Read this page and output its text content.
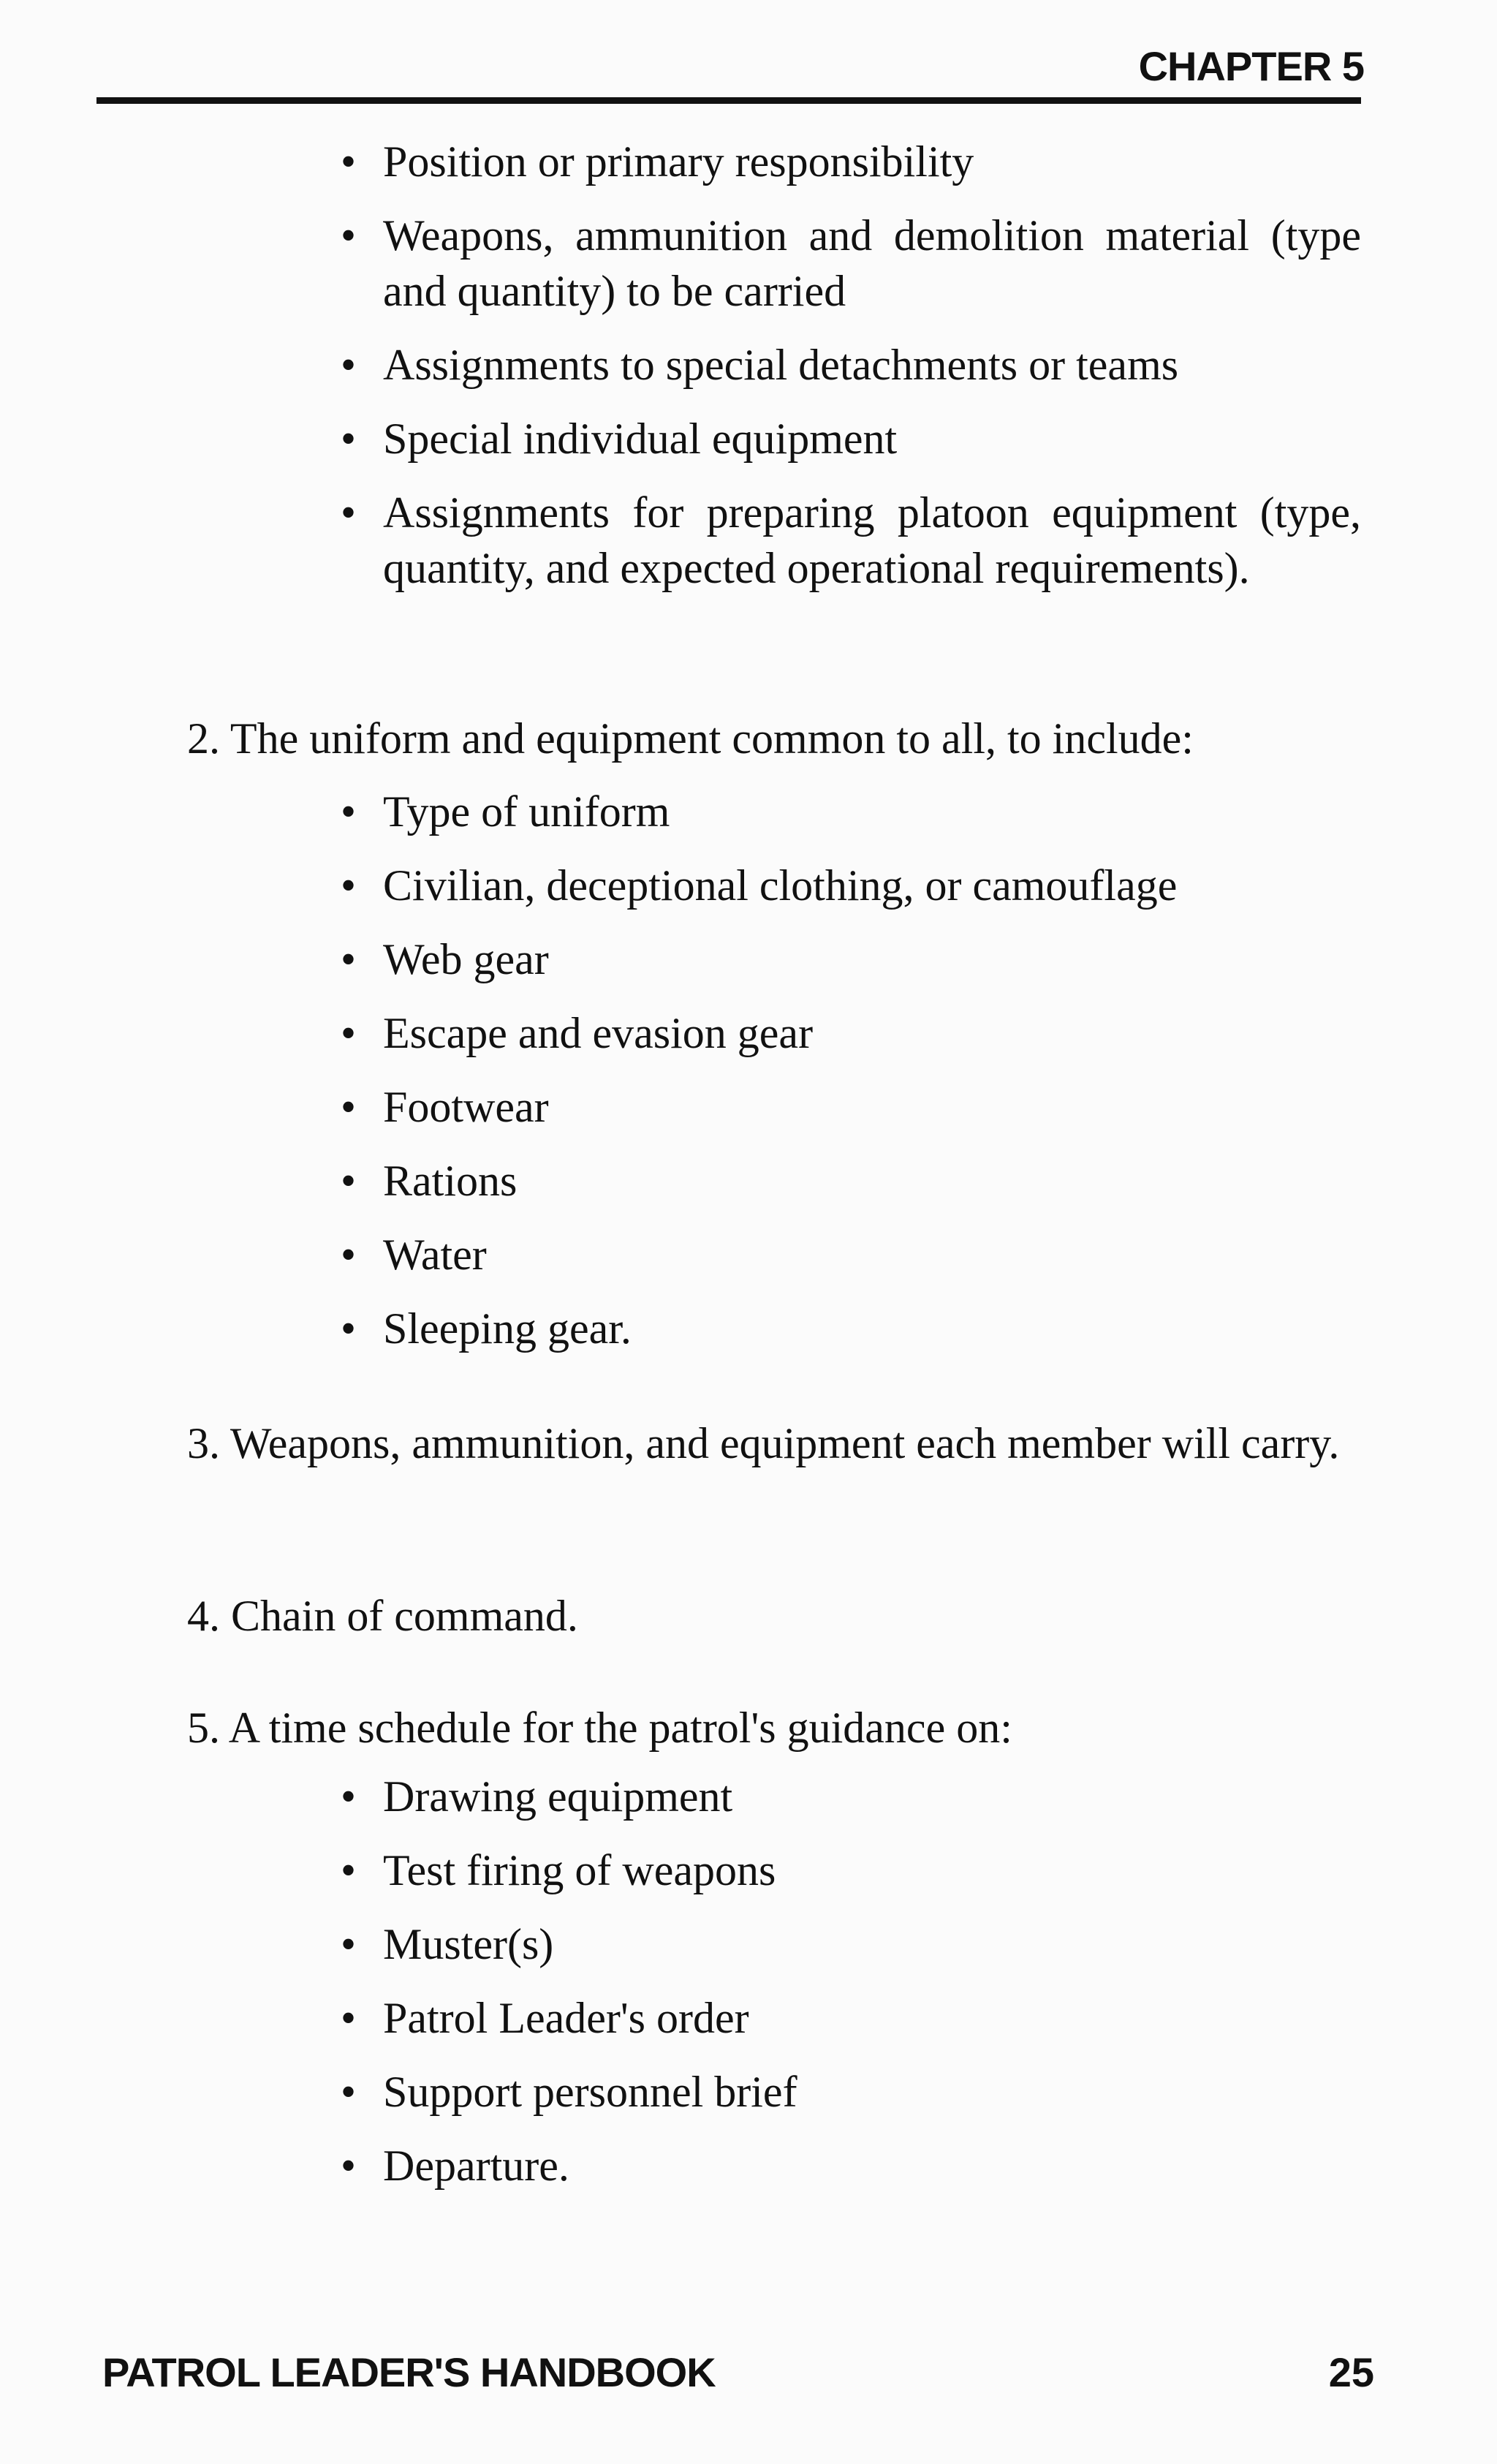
CHAPTER 5
• Position or primary responsibility
• Weapons, ammunition and demolition material (type and quantity) to be carried
• Assignments to special detachments or teams
• Special individual equipment
• Assignments for preparing platoon equipment (type, quantity, and expected operational requirements).

2. The uniform and equipment common to all, to include:

• Type of uniform
• Civilian, deceptional clothing, or camouflage
• Web gear
• Escape and evasion gear
• Footwear
• Rations
• Water
• Sleeping gear.

3. Weapons, ammunition, and equipment each member will carry.

4. Chain of command.

5. A time schedule for the patrol's guidance on:

• Drawing equipment
• Test firing of weapons
• Muster(s)
• Patrol Leader's order
• Support personnel brief
• Departure.
PATROL LEADER'S HANDBOOK	25
